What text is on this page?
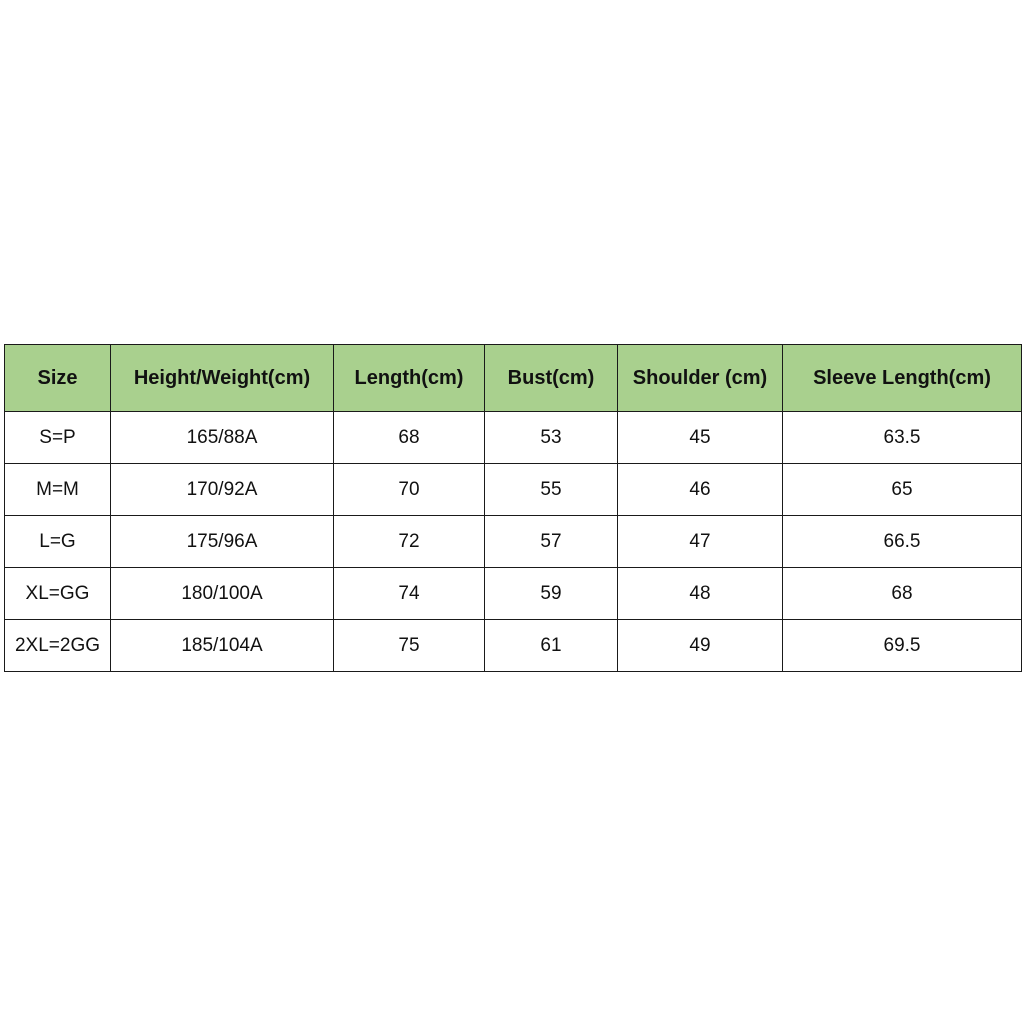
Size	Height/Weight(cm)	Length(cm)	Bust(cm)	Shoulder (cm)	Sleeve Length(cm)
S=P	165/88A	68	53	45	63.5
M=M	170/92A	70	55	46	65
L=G	175/96A	72	57	47	66.5
XL=GG	180/100A	74	59	48	68
2XL=2GG	185/104A	75	61	49	69.5
